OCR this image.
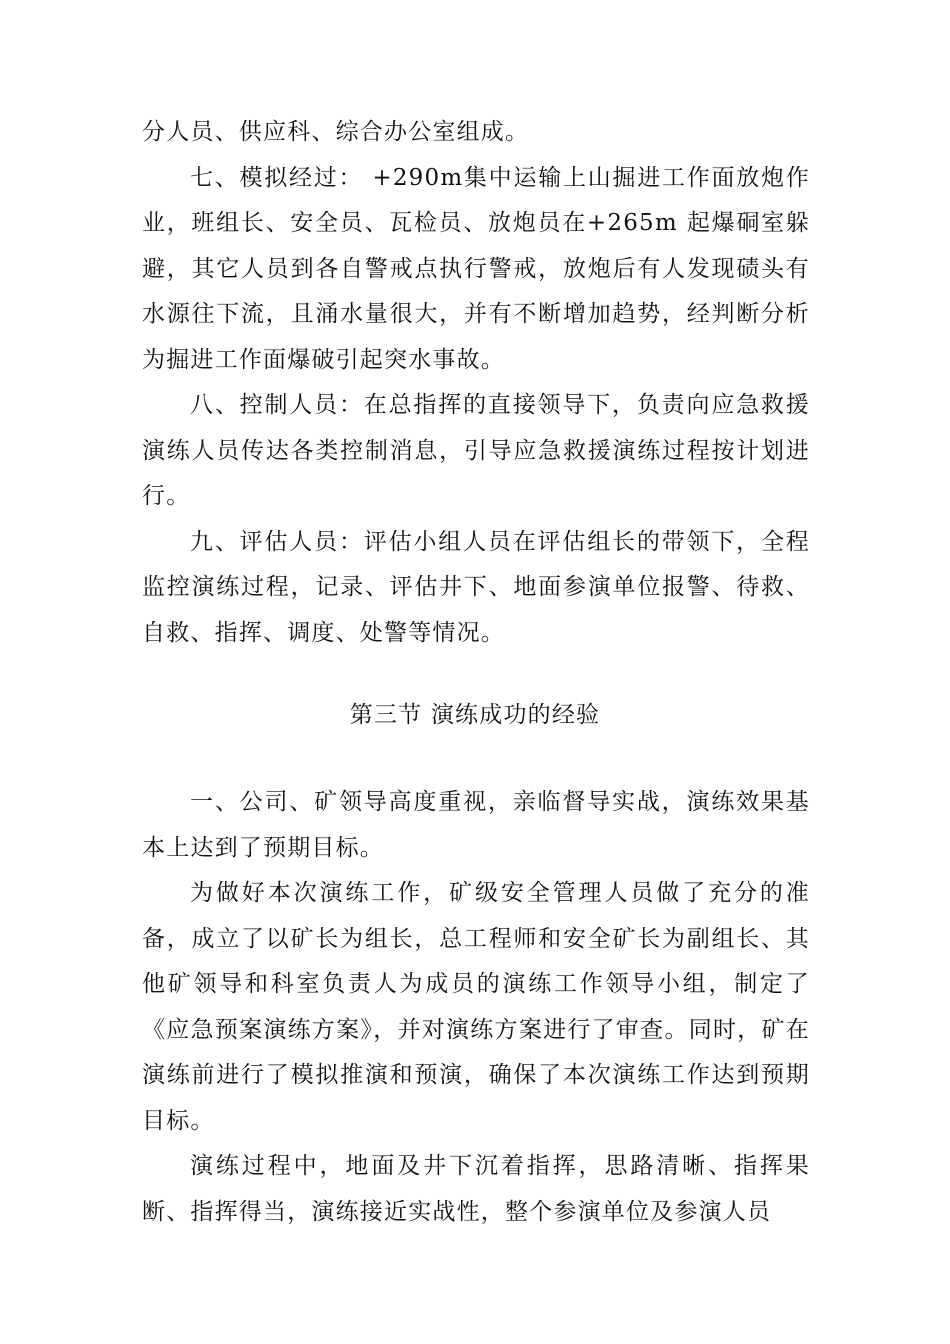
分人员、供应科、综合办公室组成。

七、模拟经过： +290m集中运输上山掘进工作面放炮作业，班组长、安全员、瓦检员、放炮员在+265m 起爆硐室躲避，其它人员到各自警戒点执行警戒，放炮后有人发现碛头有水源往下流，且涌水量很大，并有不断增加趋势，经判断分析为掘进工作面爆破引起突水事故。

八、控制人员：在总指挥的直接领导下，负责向应急救援演练人员传达各类控制消息，引导应急救援演练过程按计划进行。

九、评估人员：评估小组人员在评估组长的带领下，全程监控演练过程，记录、评估井下、地面参演单位报警、待救、自救、指挥、调度、处警等情况。

第三节 演练成功的经验

一、公司、矿领导高度重视，亲临督导实战，演练效果基本上达到了预期目标。

为做好本次演练工作，矿级安全管理人员做了充分的准备，成立了以矿长为组长，总工程师和安全矿长为副组长、其他矿领导和科室负责人为成员的演练工作领导小组，制定了《应急预案演练方案》，并对演练方案进行了审查。同时，矿在演练前进行了模拟推演和预演，确保了本次演练工作达到预期目标。

演练过程中，地面及井下沉着指挥，思路清晰、指挥果断、指挥得当，演练接近实战性，整个参演单位及参演人员
